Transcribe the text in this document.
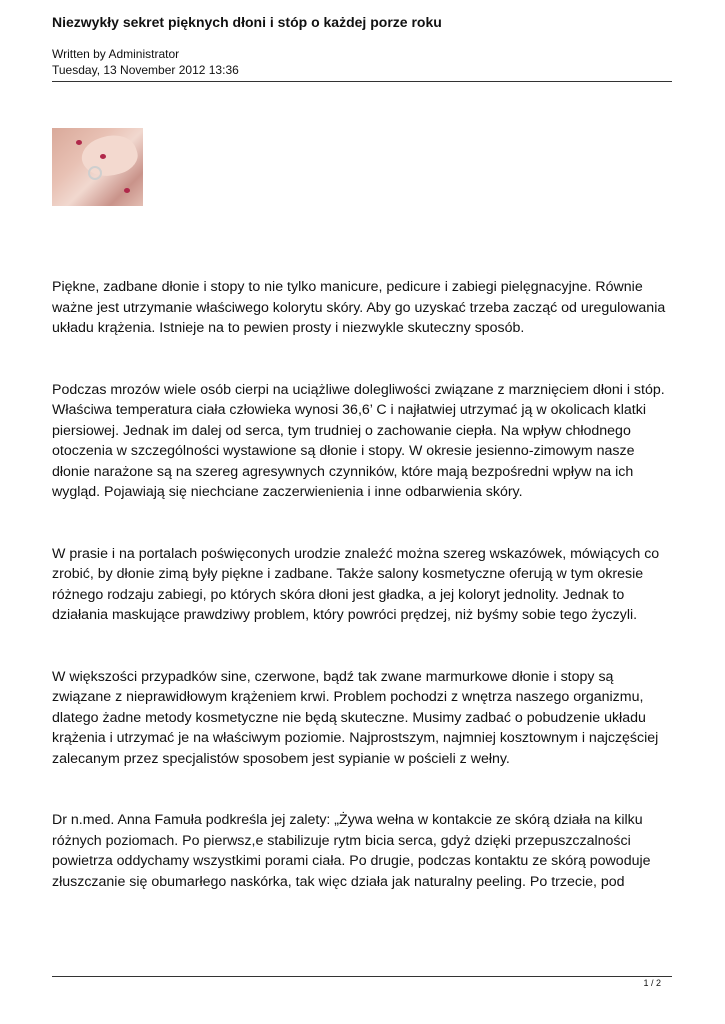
Niezwykły sekret pięknych dłoni i stóp o każdej porze roku
Written by Administrator
Tuesday, 13 November 2012 13:36

Piękne, zadbane dłonie i stopy to nie tylko manicure, pedicure i zabiegi pielęgnacyjne. Równie ważne jest utrzymanie właściwego kolorytu skóry. Aby go uzyskać trzeba zacząć od uregulowania układu krążenia. Istnieje na to pewien prosty i niezwykle skuteczny sposób.

Podczas mrozów wiele osób cierpi na uciążliwe dolegliwości związane z marznięciem dłoni i stóp. Właściwa temperatura ciała człowieka wynosi 36,6’ C i najłatwiej utrzymać ją w okolicach klatki piersiowej. Jednak im dalej od serca, tym trudniej o zachowanie ciepła. Na wpływ chłodnego otoczenia w szczególności wystawione są dłonie i stopy. W okresie jesienno-zimowym nasze dłonie narażone są na szereg agresywnych czynników, które mają bezpośredni wpływ na ich wygląd. Pojawiają się niechciane zaczerwienienia i inne odbarwienia skóry.

W prasie i na portalach poświęconych urodzie znaleźć można szereg wskazówek, mówiących co zrobić, by dłonie zimą były piękne i zadbane. Także salony kosmetyczne oferują w tym okresie różnego rodzaju zabiegi, po których skóra dłoni jest gładka, a jej koloryt jednolity. Jednak to działania maskujące prawdziwy problem, który powróci prędzej, niż byśmy sobie tego życzyli.

W większości przypadków sine, czerwone, bądź tak zwane marmurkowe dłonie i stopy są związane z nieprawidłowym krążeniem krwi. Problem pochodzi z wnętrza naszego organizmu, dlatego żadne metody kosmetyczne nie będą skuteczne. Musimy zadbać o pobudzenie układu krążenia i utrzymać je na właściwym poziomie. Najprostszym, najmniej kosztownym i najczęściej zalecanym przez specjalistów sposobem jest sypianie w pościeli z wełny.

Dr n.med. Anna Famuła podkreśla jej zalety: „Żywa wełna w kontakcie ze skórą działa na kilku różnych poziomach. Po pierwsz,e stabilizuje rytm bicia serca, gdyż dzięki przepuszczalności powietrza oddychamy wszystkimi porami ciała. Po drugie, podczas kontaktu ze skórą powoduje złuszczanie się obumarłego naskórka, tak więc działa jak naturalny peeling. Po trzecie, pod

1 / 2
